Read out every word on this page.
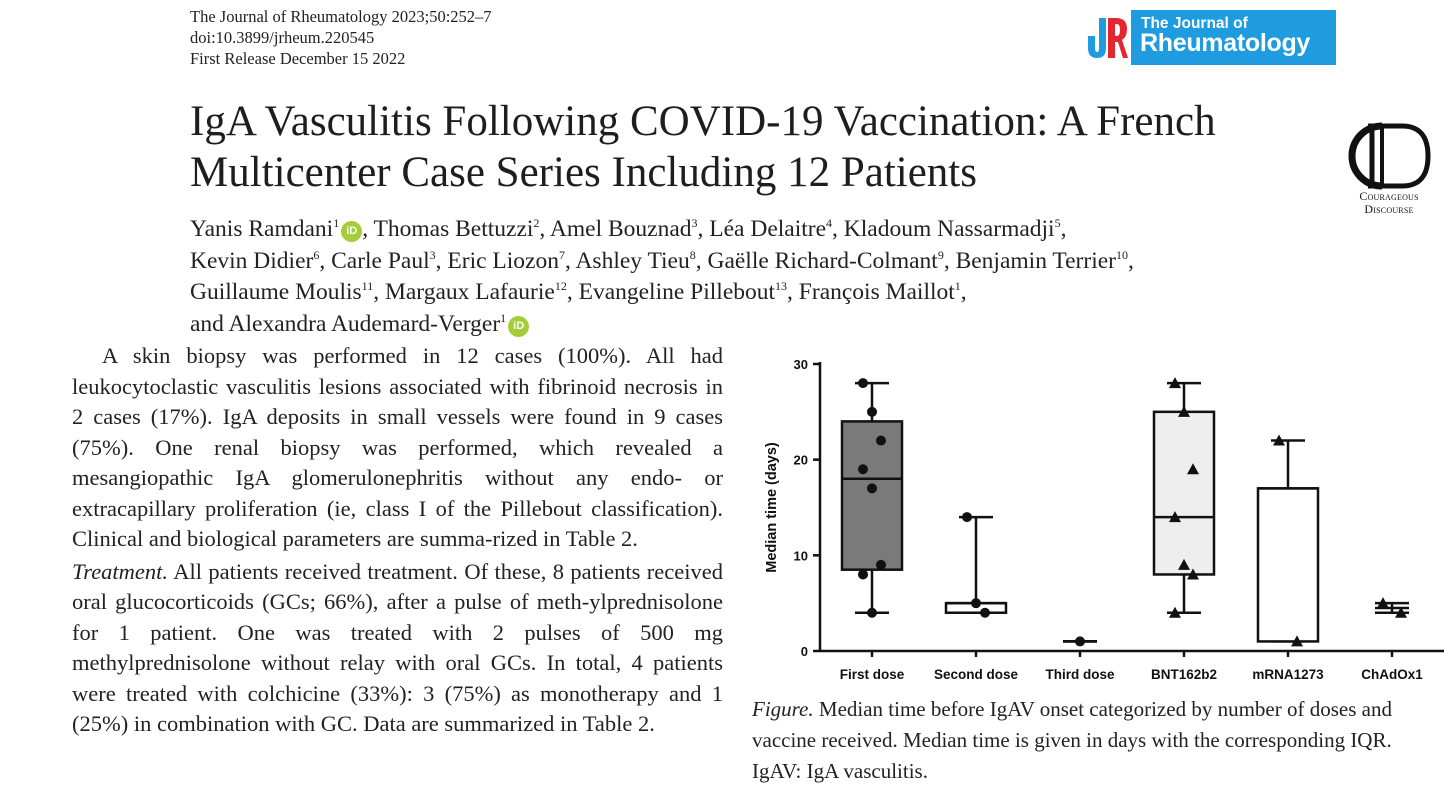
The Journal of Rheumatology 2023;50:252–7
doi:10.3899/jrheum.220545
First Release December 15 2022
The Journal of
Rheumatology
IgA Vasculitis Following COVID-19 Vaccination: A French
Multicenter Case Series Including 12 Patients	Courageous
Discourse
Yanis Ramdani$^1$iD , Thomas Bettuzzi$^2$, Amel Bouznad$^3$, Léa Delaitre$^4$, Kladoum Nassarmadji$^5$,
Kevin Didier$^6$, Carle Paul$^3$, Eric Liozon$^7$, Ashley Tieu$^8$, Gaëlle Richard-Colmant$^9$, Benjamin Terrier$^{10}$,
Guillaume Moulis$^{11}$, Margaux Lafaurie$^{12}$, Evangeline Pillebout$^{13}$, François Maillot$^1$,
and Alexandra Audemard-Verger$^1$iD

A skin biopsy was performed in 12 cases (100%). All had leukocytoclastic vasculitis lesions associated with fibrinoid necrosis in 2 cases (17%). IgA deposits in small vessels were found in 9 cases (75%). One renal biopsy was performed, which revealed a mesangiopathic IgA glomerulonephritis without any endo- or extracapillary proliferation (ie, class I of the Pillebout classification). Clinical and biological parameters are summa-rized in Table 2.

Treatment. All patients received treatment. Of these, 8 patients received oral glucocorticoids (GCs; 66%), after a pulse of meth-ylprednisolone for 1 patient. One was treated with 2 pulses of 500 mg methylprednisolone without relay with oral GCs. In total, 4 patients were treated with colchicine (33%): 3 (75%) as monotherapy and 1 (25%) in combination with GC. Data are summarized in Table 2.

0
10
20
30
Median time (days)
First dose Second dose Third dose	BNT162b2	mRNA1273	ChAdOx1
Figure. Median time before IgAV onset categorized by number of doses and
vaccine received. Median time is given in days with the corresponding IQR.
IgAV: IgA vasculitis.
